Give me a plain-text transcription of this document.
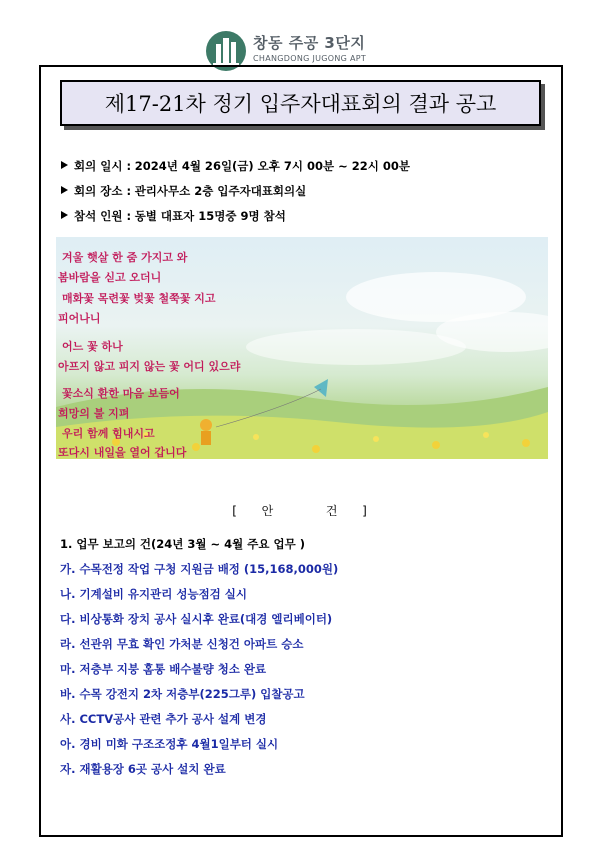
창동 주공 3단지
CHANGDONG JUGONG APT
제17-21차 정기 입주자대표회의 결과 공고
회의 일시 : 2024년 4월 26일(금) 오후 7시 00분 ~ 22시 00분
회의 장소 : 관리사무소 2층 입주자대표회의실
참석 인원 : 동별 대표자 15명중 9명 참석
겨울 햇살 한 줌 가지고 와
봄바람을 싣고 오더니
매화꽃 목련꽃 벚꽃 철쭉꽃 지고
피어나니
어느 꽃 하나
아프지 않고 피지 않는 꽃 어디 있으랴
꽃소식 환한 마음 보듬어
희망의 불 지펴
우리 함께 힘내시고
또다시 내일을 열어 갑니다
[ 안	건 ]
1. 업무 보고의 건(24년 3월 ~ 4월 주요 업무 )
가. 수목전정 작업 구청 지원금 배정 (15,168,000원)
나. 기계설비 유지관리 성능점검 실시
다. 비상통화 장치 공사 실시후 완료(대경 엘리베이터)
라. 선관위 무효 확인 가처분 신청건 아파트 승소
마. 저층부 지붕 홈통 배수불량 청소 완료
바. 수목 강전지 2차 저층부(225그루) 입찰공고
사. CCTV공사 관련 추가 공사 설계 변경
아. 경비 미화 구조조정후 4월1일부터 실시
자. 재활용장 6곳 공사 설치 완료
